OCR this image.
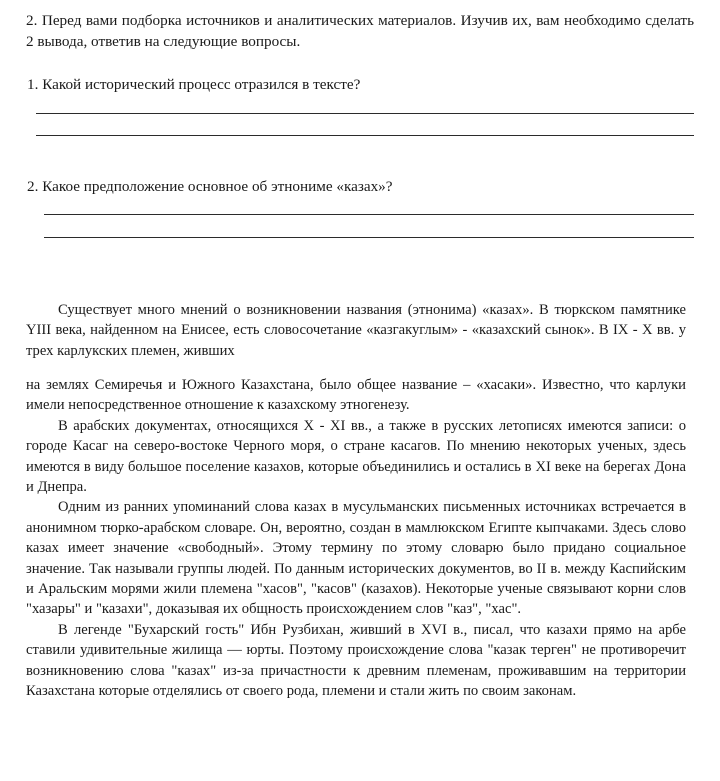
2. Перед вами подборка источников и аналитических материалов. Изучив их, вам необходимо сделать 2 вывода, ответив на следующие вопросы.
1. Какой исторический процесс отразился в тексте?
2. Какое предположение основное об этнониме «казах»?

Существует много мнений о возникновении названия (этнонима) «казах». В тюркском памятнике YIII века, найденном на Енисее, есть словосочетание «казгакуглым» - «казахский сынок». В IX - X вв. у трех карлукских племен, живших

на землях Семиречья и Южного Казахстана, было общее название – «хасаки». Известно, что карлуки имели непосредственное отношение к казахскому этногенезу.

В арабских документах, относящихся X - XI вв., а также в русских летописях имеются записи: о городе Касаг на северо-востоке Черного моря, о стране касагов. По мнению некоторых ученых, здесь имеются в виду большое поселение казахов, которые объединились и остались в XI веке на берегах Дона и Днепра.

Одним из ранних упоминаний слова казах в мусульманских письменных источниках встречается в анонимном тюрко-арабском словаре. Он, вероятно, создан в мамлюкском Египте кыпчаками. Здесь слово казах имеет значение «свободный». Этому термину по этому словарю было придано социальное значение. Так называли группы людей. По данным исторических документов, во II в. между Каспийским и Аральским морями жили племена "хасов", "касов" (казахов). Некоторые ученые связывают корни слов "хазары" и "казахи", доказывая их общность происхождением слов "каз", "хас".

В легенде "Бухарский гость" Ибн Рузбихан, живший в XVI в., писал, что казахи прямо на арбе ставили удивительные жилища — юрты. Поэтому происхождение слова "казак терген" не противоречит возникновению слова "казах" из-за причастности к древним племенам, проживавшим на территории Казахстана которые отделялись от своего рода, племени и стали жить по своим законам.
